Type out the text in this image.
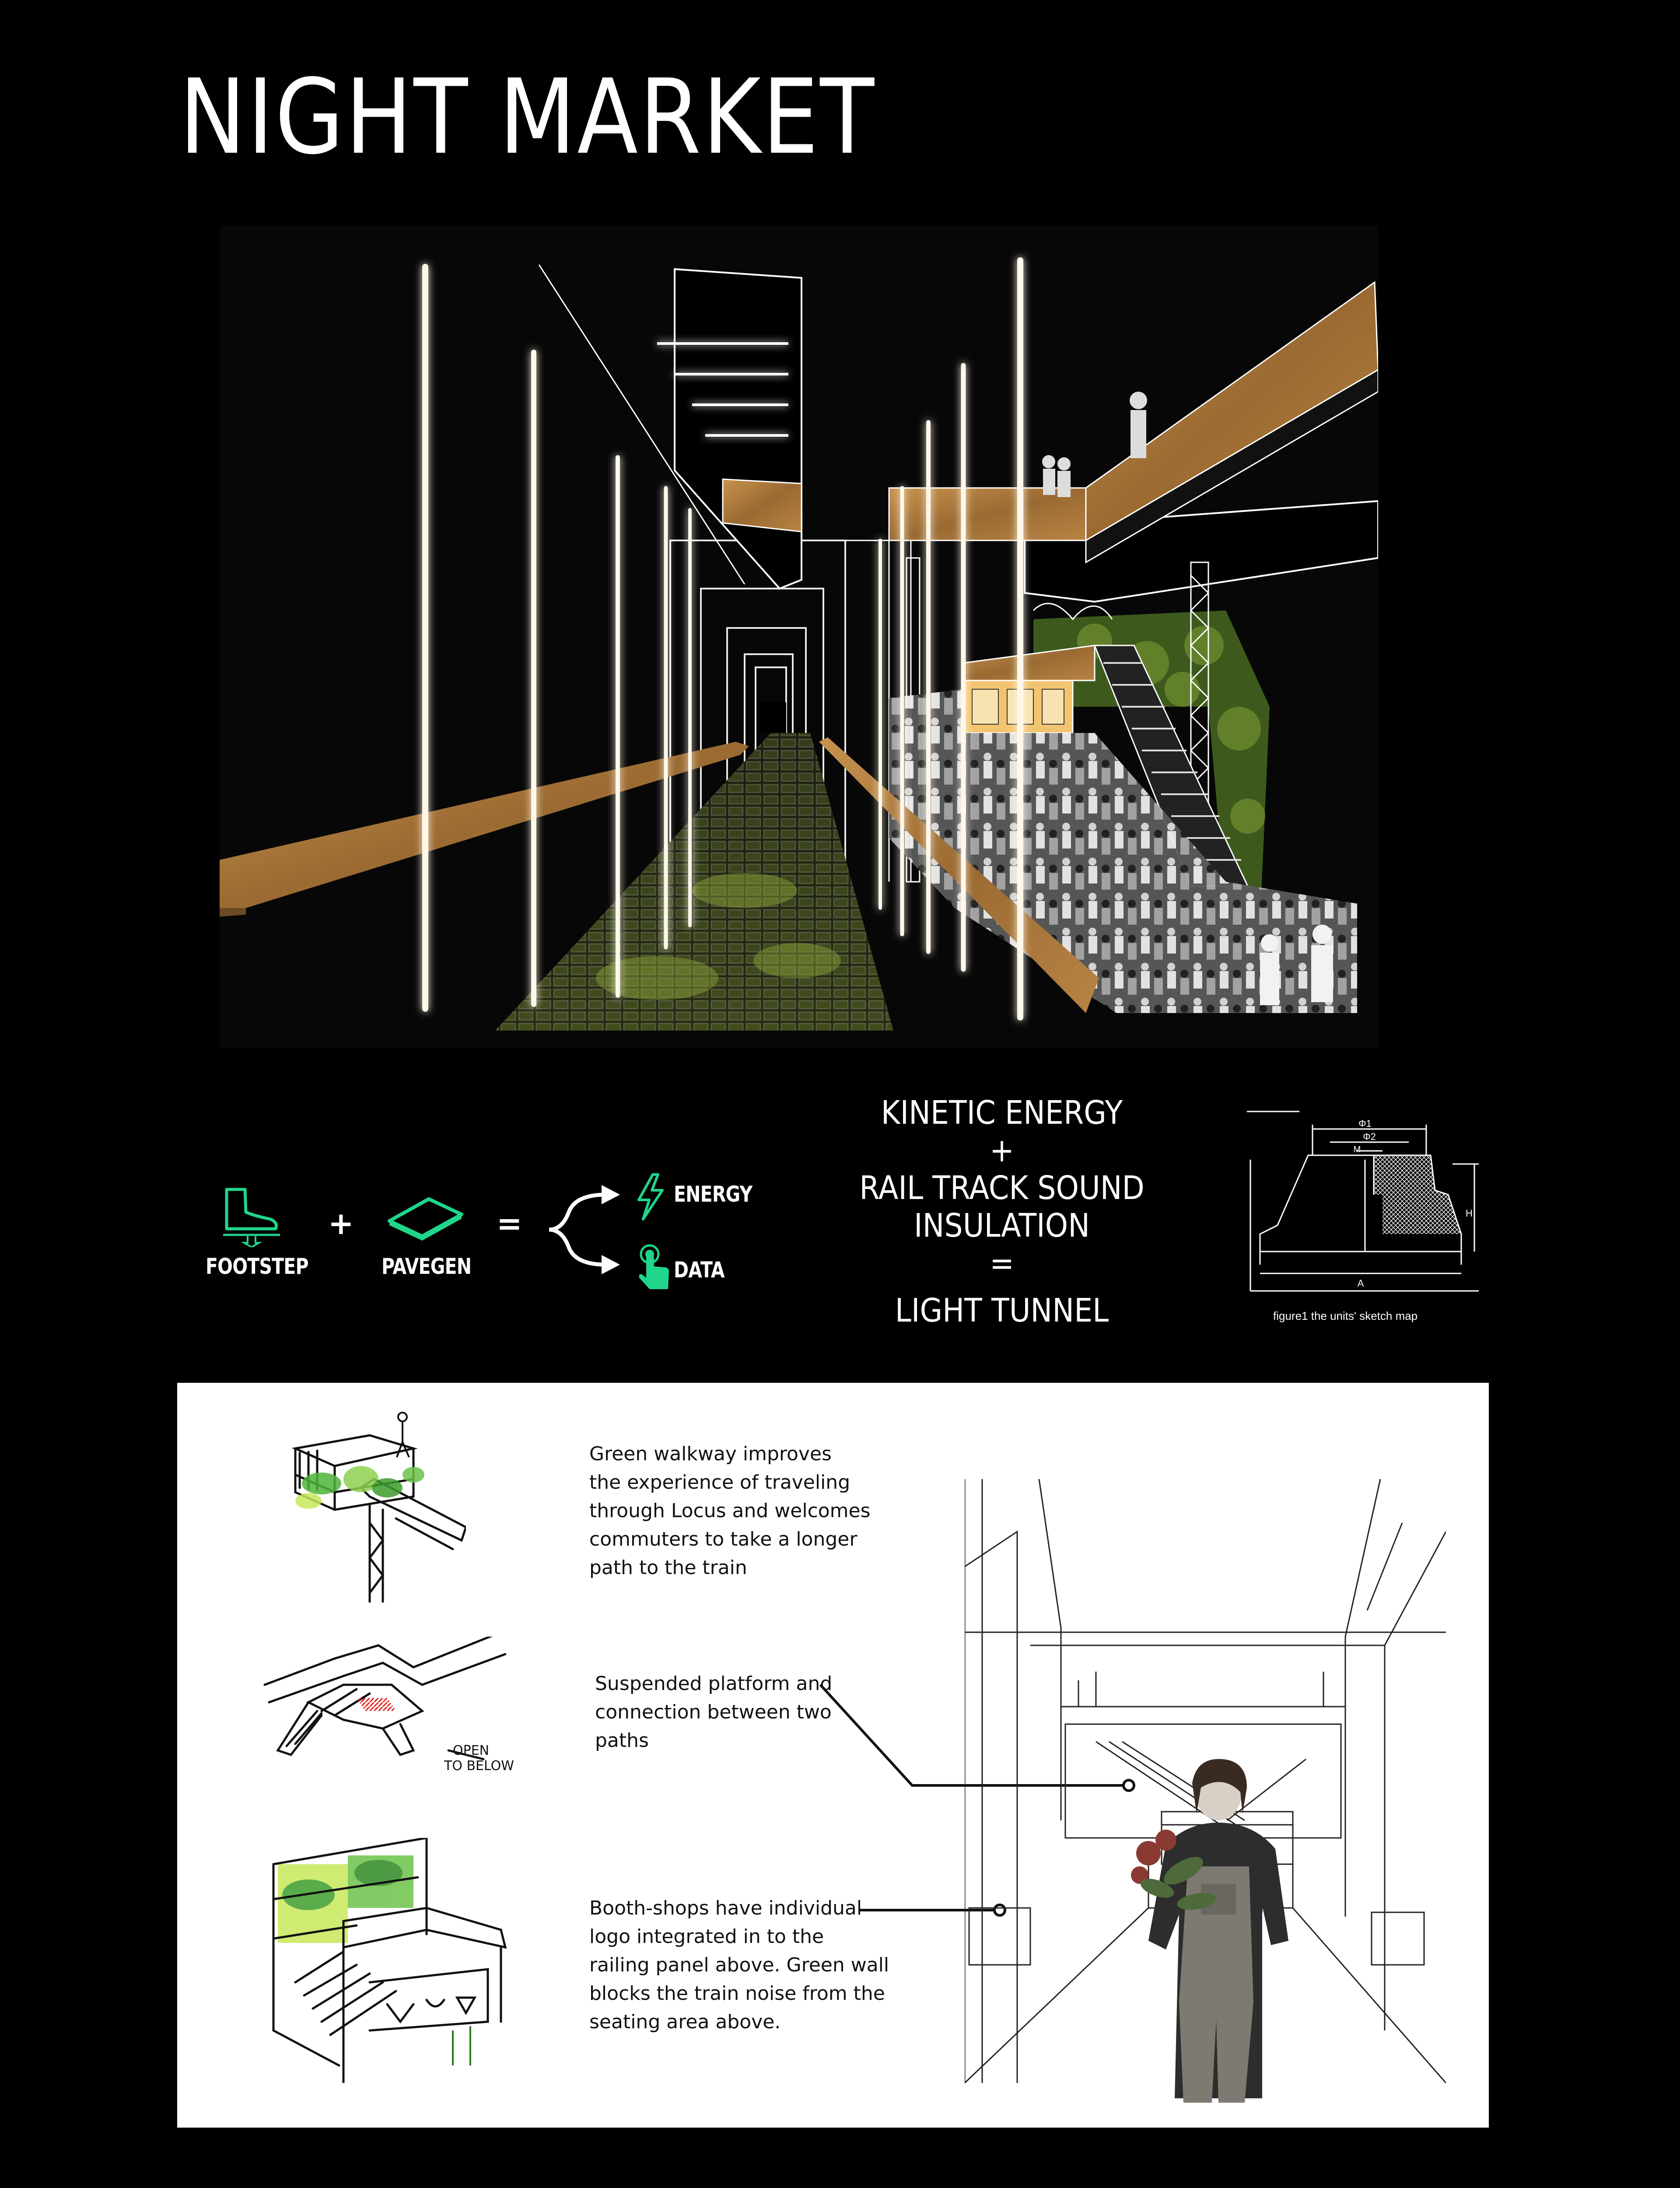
NIGHT MARKET
FOOTSTEP
+
PAVEGEN
=
ENERGY
DATA
KINETIC ENERGY
+
RAIL TRACK SOUND
INSULATION
=
LIGHT TUNNEL
Φ1
Φ2
M
H
A
figure1 the units' sketch map
OPEN
TO BELOW
Green walkway improves
the experience of traveling
through Locus and welcomes
commuters to take a longer
path to the train
Suspended platform and
connection between two
paths
Booth-shops have individual
logo integrated in to the
railing panel above. Green wall
blocks the train noise from the
seating area above.
